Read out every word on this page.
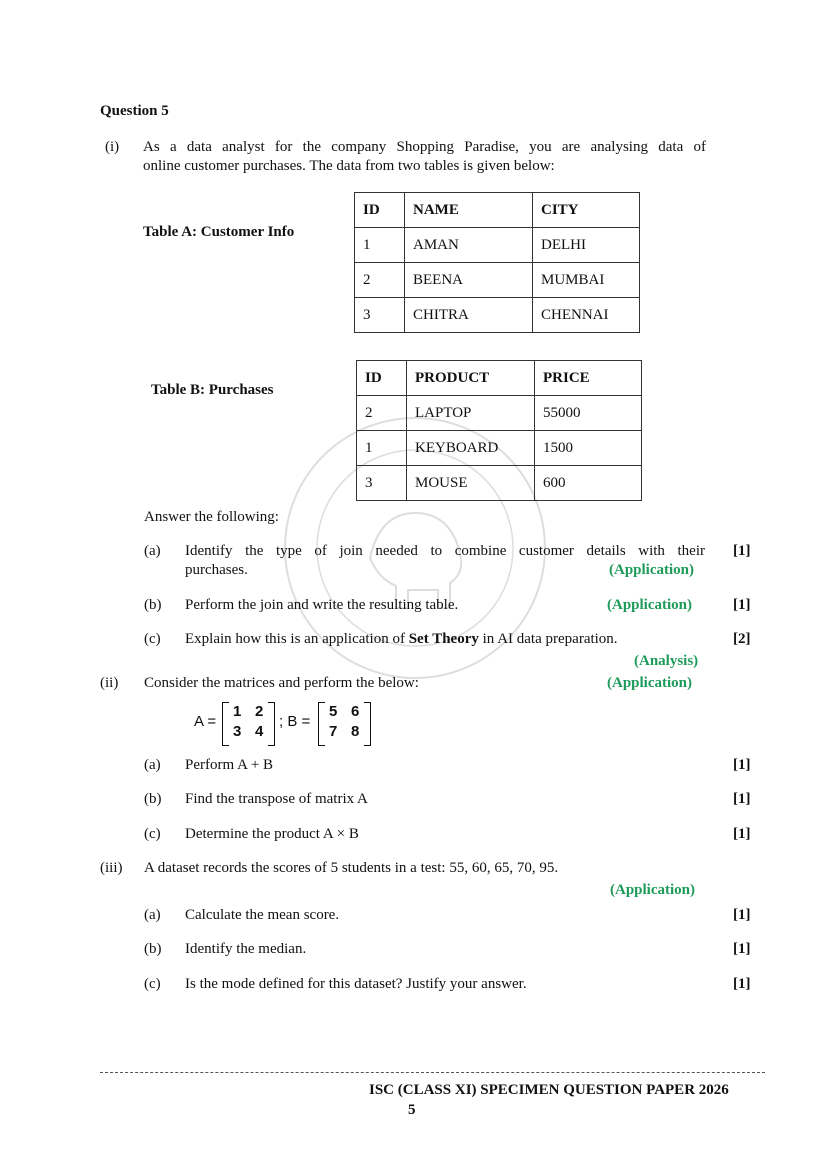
Question 5
(i) As a data analyst for the company Shopping Paradise, you are analysing data of
online customer purchases. The data from two tables is given below:
Table A: Customer Info
ID	NAME	CITY
1	AMAN	DELHI
2	BEENA	MUMBAI
3	CHITRA	CHENNAI
Table B: Purchases
ID	PRODUCT	PRICE
2	LAPTOP	55000
1	KEYBOARD	1500
3	MOUSE	600
Answer the following:
(a) Identify the type of join needed to combine customer details with their [1]
purchases.	(Application)
(b) Perform the join and write the resulting table.	(Application)	[1]
(c) Explain how this is an application of Set Theory in AI data preparation.	[2]
(Analysis)
(ii) Consider the matrices and perform the below:	(Application)
A =
1 2
3 4
; B =
5 6
7 8
(a) Perform A + B	[1]
(b) Find the transpose of matrix A	[1]
(c) Determine the product A × B	[1]
(iii) A dataset records the scores of 5 students in a test: 55, 60, 65, 70, 95.
(Application)
(a) Calculate the mean score.	[1]
(b) Identify the median.	[1]
(c) Is the mode defined for this dataset? Justify your answer.	[1]
ISC (CLASS XI) SPECIMEN QUESTION PAPER 2026
5
